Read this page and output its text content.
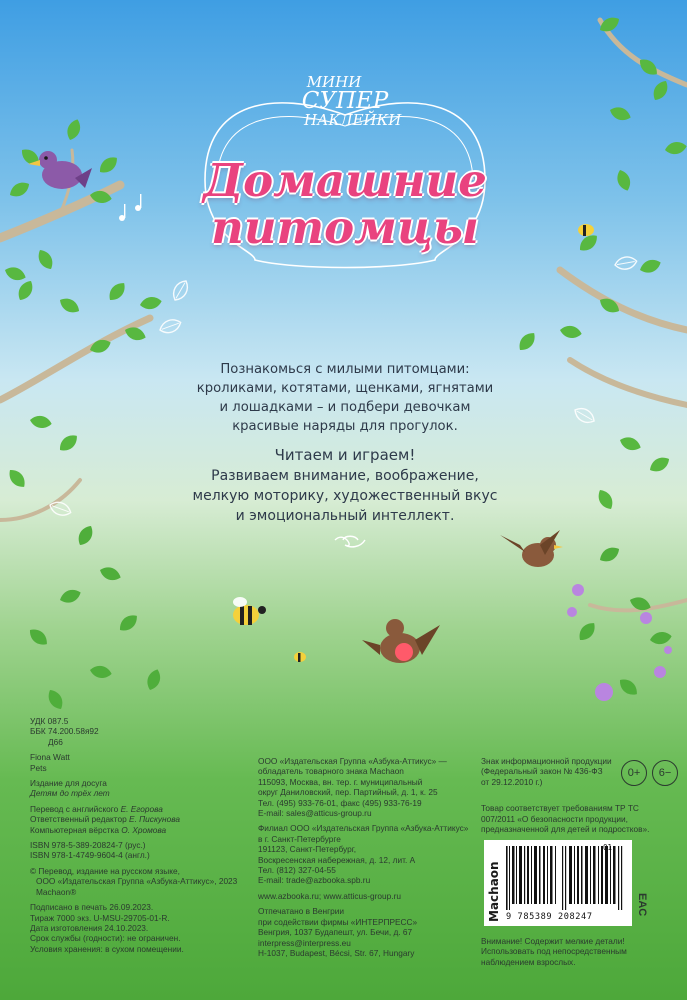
МИНИ
СУПЕР
НАКЛЕЙКИ
Домашние
питомцы
Познакомься с милыми питомцами:
кроликами, котятами, щенками, ягнятами
и лошадками – и подбери девочкам
красивые наряды для прогулок.
Читаем и играем!
Развиваем внимание, воображение,
мелкую моторику, художественный вкус
и эмоциональный интеллект.

УДК 087.5

ББК 74.200.58я92

Д66

Fiona Watt

Pets

Издание для досуга

Детям до трёх лет

Перевод с английского Е. Егорова

Ответственный редактор Е. Пискунова

Компьютерная вёрстка О. Хромова

ISBN 978-5-389-20824-7 (рус.)

ISBN 978-1-4749-9604-4 (англ.)

© Перевод, издание на русском языке,

ООО «Издательская Группа «Азбука-Аттикус», 2023

Machaon®

Подписано в печать 26.09.2023.

Тираж 7000 экз. U-MSU-29705-01-R.

Дата изготовления 24.10.2023.

Срок службы (годности): не ограничен.

Условия хранения: в сухом помещении.

ООО «Издательская Группа «Азбука-Аттикус» —

обладатель товарного знака Machaon

115093, Москва, вн. тер. г. муниципальный

округ Даниловский, пер. Партийный, д. 1, к. 25

Тел. (495) 933-76-01, факс (495) 933-76-19

E-mail: sales@atticus-group.ru

Филиал ООО «Издательская Группа «Азбука-Аттикус»

в г. Санкт-Петербурге

191123, Санкт-Петербург,

Воскресенская набережная, д. 12, лит. А

Тел. (812) 327-04-55

E-mail: trade@azbooka.spb.ru

www.azbooka.ru; www.atticus-group.ru

Отпечатано в Венгрии

при содействии фирмы «ИНТЕРПРЕСС»

Венгрия, 1037 Будапешт, ул. Бечи, д. 67

interpress@interpress.eu

H-1037, Budapest, Bécsi, Str. 67, Hungary

Знак информационной продукции

(Федеральный закон № 436-ФЗ

от 29.12.2010 г.)

Товар соответствует требованиям ТР ТС

007/2011 «О безопасности продукции,

предназначенной для детей и подростков».

0+	6−
Machaon 9 785389 208247
01
EAC

Внимание! Содержит мелкие детали!

Использовать под непосредственным

наблюдением взрослых.
